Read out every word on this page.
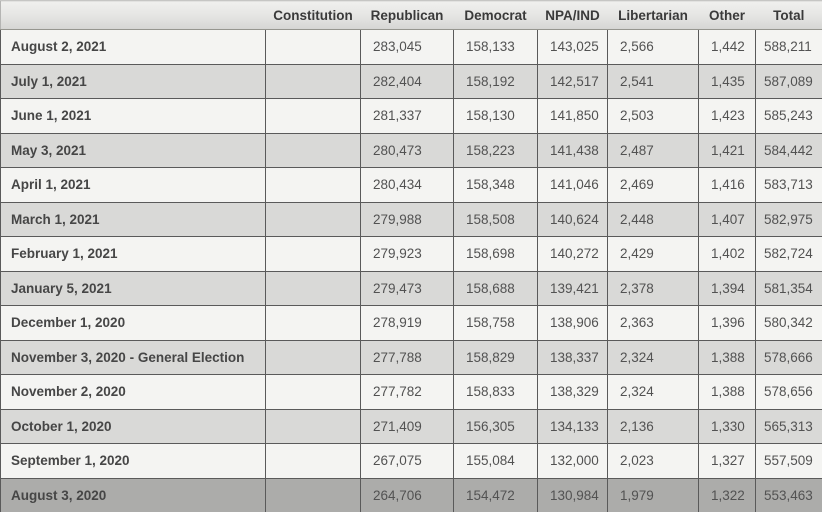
	Constitution	Republican	Democrat	NPA/IND	Libertarian	Other	Total
August 2, 2021		283,045	158,133	143,025	2,566	1,442	588,211
July 1, 2021		282,404	158,192	142,517	2,541	1,435	587,089
June 1, 2021		281,337	158,130	141,850	2,503	1,423	585,243
May 3, 2021		280,473	158,223	141,438	2,487	1,421	584,442
April 1, 2021		280,434	158,348	141,046	2,469	1,416	583,713
March 1, 2021		279,988	158,508	140,624	2,448	1,407	582,975
February 1, 2021		279,923	158,698	140,272	2,429	1,402	582,724
January 5, 2021		279,473	158,688	139,421	2,378	1,394	581,354
December 1, 2020		278,919	158,758	138,906	2,363	1,396	580,342
November 3, 2020 - General Election		277,788	158,829	138,337	2,324	1,388	578,666
November 2, 2020		277,782	158,833	138,329	2,324	1,388	578,656
October 1, 2020		271,409	156,305	134,133	2,136	1,330	565,313
September 1, 2020		267,075	155,084	132,000	2,023	1,327	557,509
August 3, 2020		264,706	154,472	130,984	1,979	1,322	553,463
